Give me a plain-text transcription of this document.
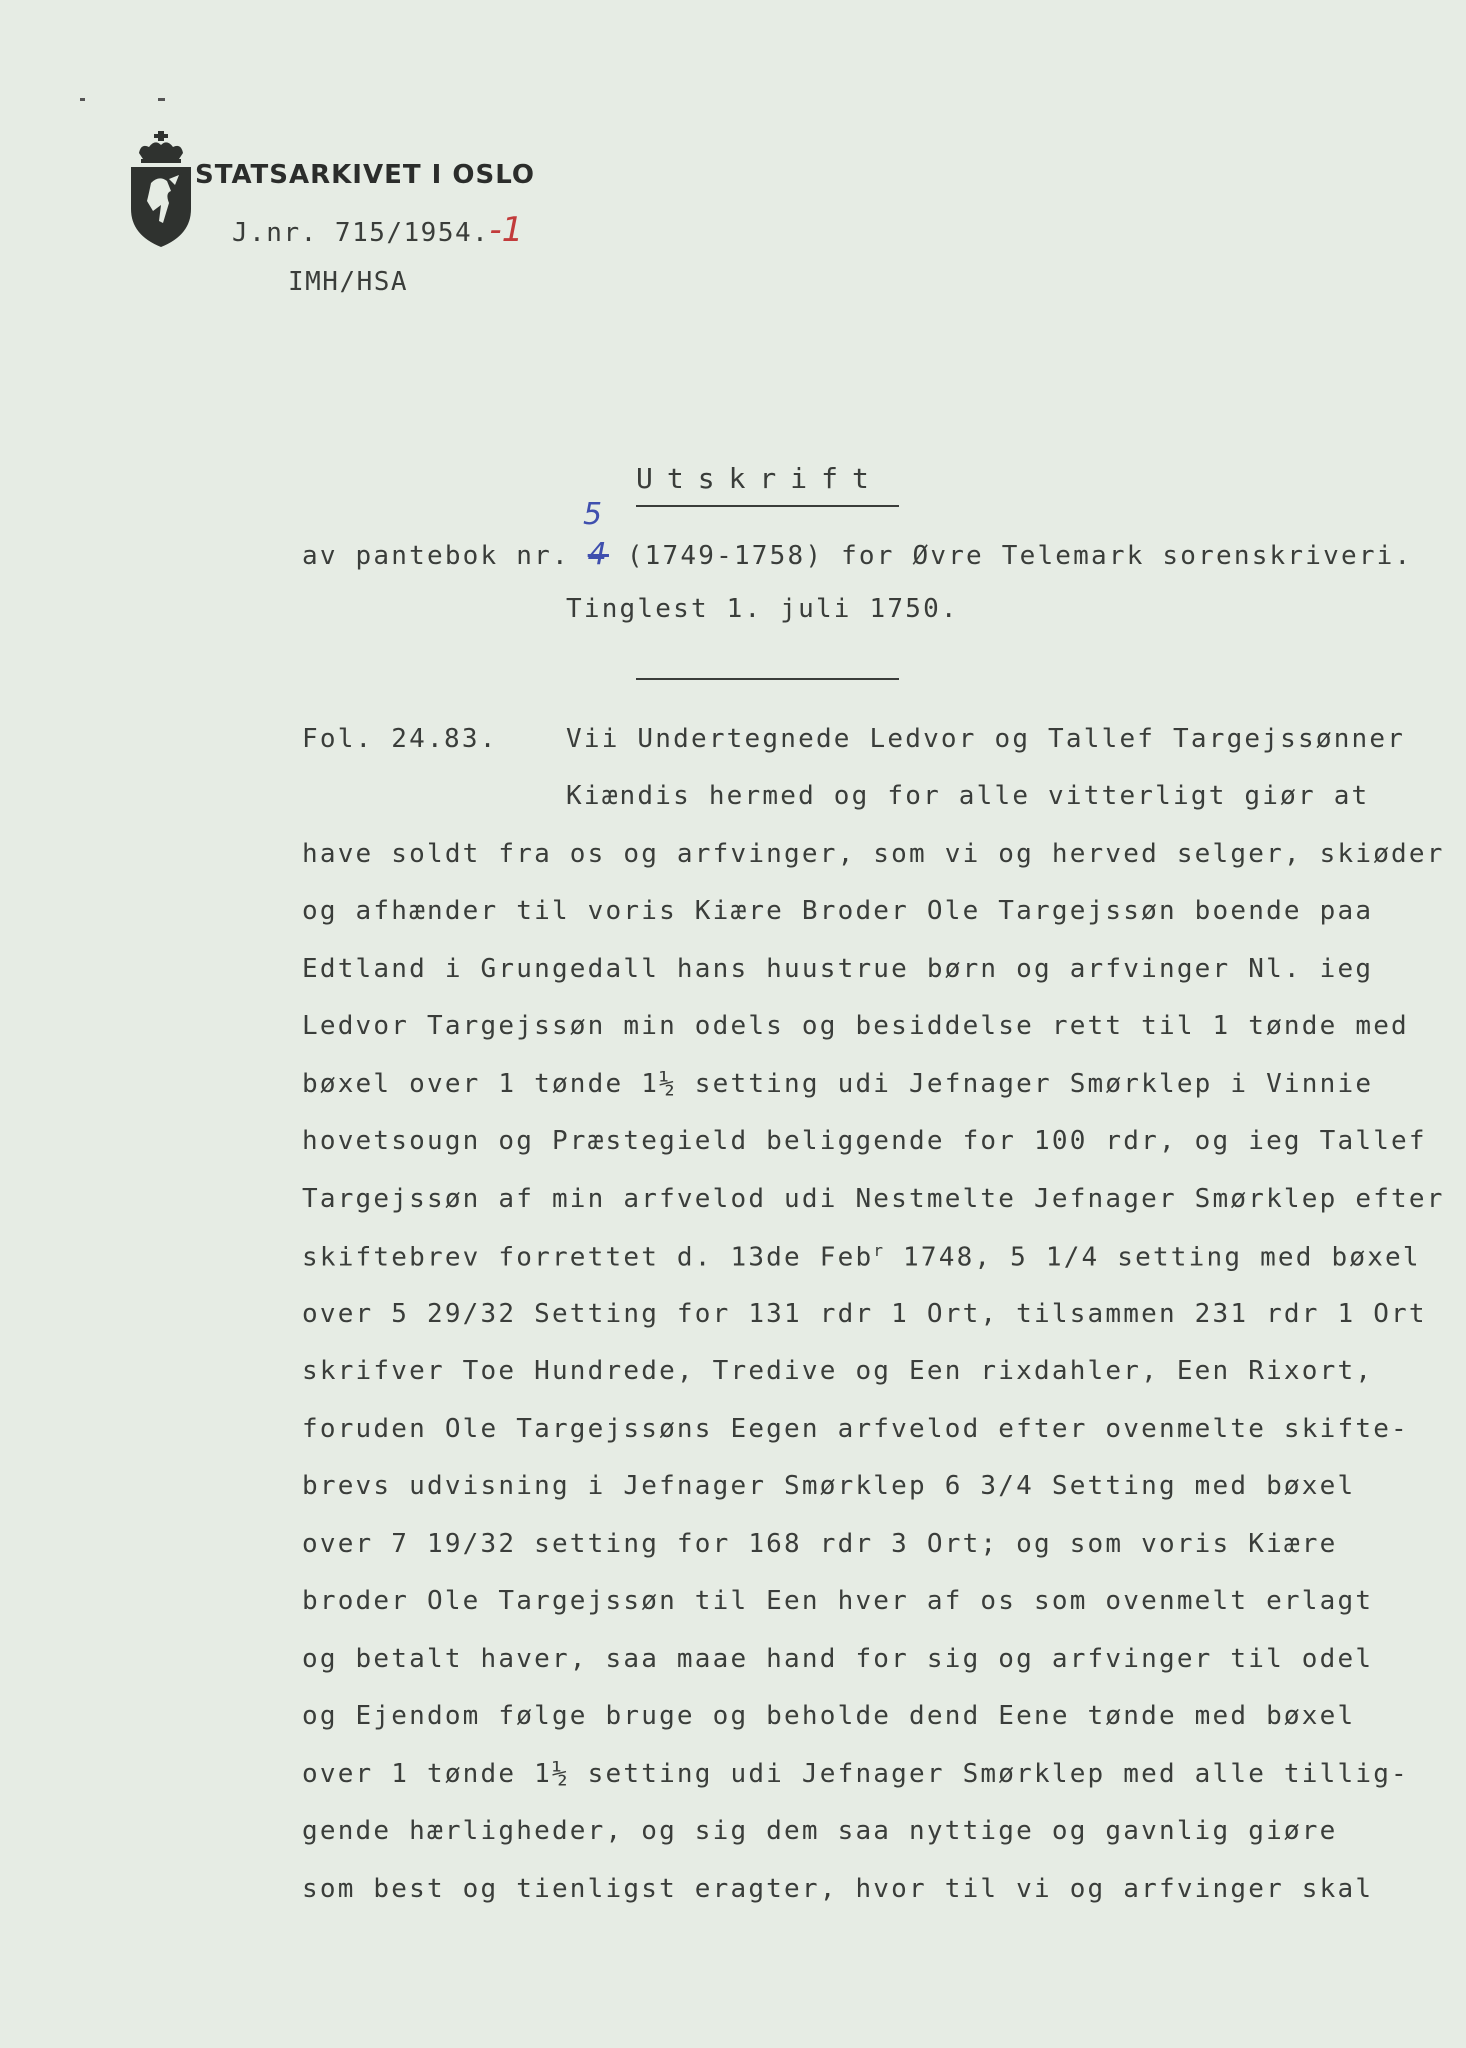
STATSARKIVET I OSLO
J.nr. 715/1954.-1
IMH/HSA
Utskrift
5
av pantebok nr. 4 (1749-1758) for Øvre Telemark sorenskriveri.
Tinglest 1. juli 1750.
Fol. 24. 83.	Vii Undertegnede Ledvor og Tallef Targejssønner
Kiændis hermed og for alle vitterligt giør at
have soldt fra os og arfvinger, som vi og herved selger, skiøder
og afhænder til voris Kiære Broder Ole Targejssøn boende paa
Edtland i Grungedall hans huustrue børn og arfvinger Nl. ieg
Ledvor Targejssøn min odels og besiddelse rett til 1 tønde med
bøxel over 1 tønde 1½ setting udi Jefnager Smørklep i Vinnie
hovetsougn og Præstegield beliggende for 100 rdr, og ieg Tallef
Targejssøn af min arfvelod udi Nestmelte Jefnager Smørklep efter
skiftebrev forrettet d. 13de Feb$^r$ 1748, 5 1/4 setting med bøxel
over 5 29/32 Setting for 131 rdr 1 Ort, tilsammen 231 rdr 1 Ort
skrifver Toe Hundrede, Tredive og Een rixdahler, Een Rixort,
foruden Ole Targejssøns Eegen arfvelod efter ovenmelte skifte-
brevs udvisning i Jefnager Smørklep 6 3/4 Setting med bøxel
over 7 19/32 setting for 168 rdr 3 Ort; og som voris Kiære
broder Ole Targejssøn til Een hver af os som ovenmelt erlagt
og betalt haver, saa maae hand for sig og arfvinger til odel
og Ejendom følge bruge og beholde dend Eene tønde med bøxel
over 1 tønde 1½ setting udi Jefnager Smørklep med alle tillig-
gende hærligheder, og sig dem saa nyttige og gavnlig giøre
som best og tienligst eragter, hvor til vi og arfvinger skal
